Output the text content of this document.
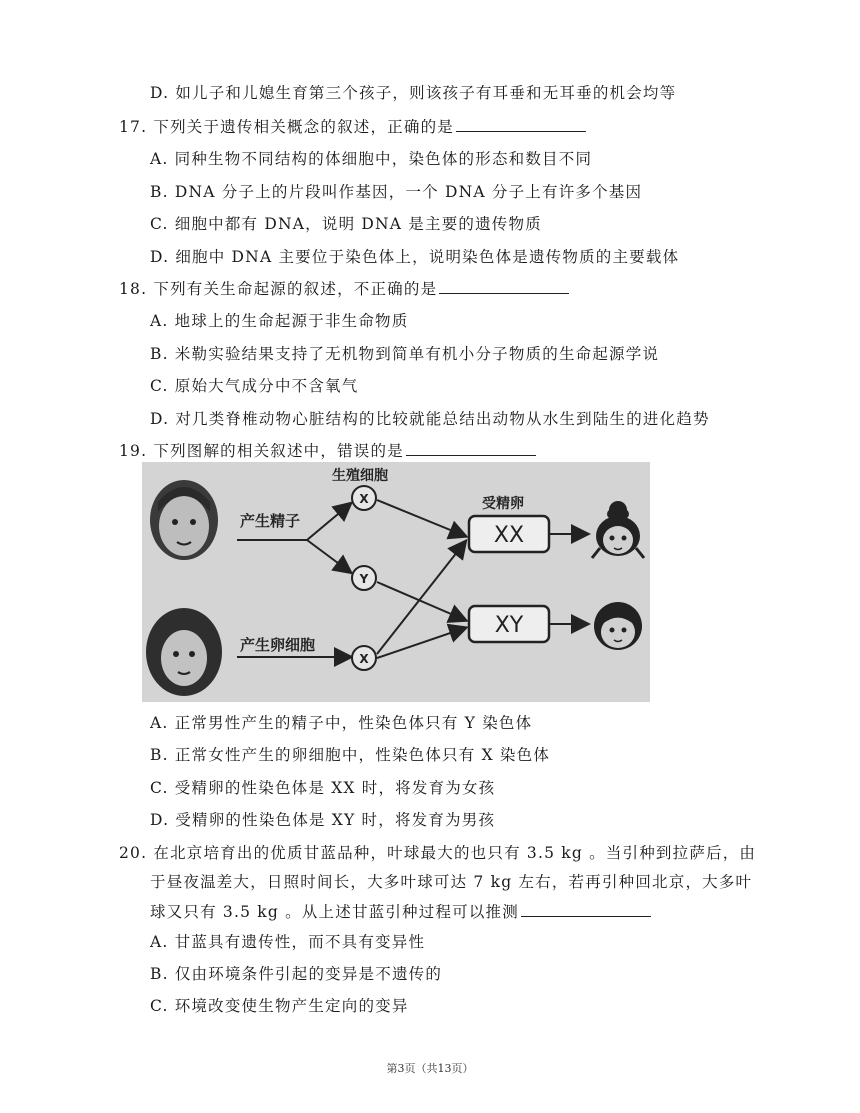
D. 如儿子和儿媳生育第三个孩子，则该孩子有耳垂和无耳垂的机会均等
17. 下列关于遗传相关概念的叙述，正确的是
A. 同种生物不同结构的体细胞中，染色体的形态和数目不同
B. DNA 分子上的片段叫作基因，一个 DNA 分子上有许多个基因
C. 细胞中都有 DNA，说明 DNA 是主要的遗传物质
D. 细胞中 DNA 主要位于染色体上，说明染色体是遗传物质的主要载体
18. 下列有关生命起源的叙述，不正确的是
A. 地球上的生命起源于非生命物质
B. 米勒实验结果支持了无机物到简单有机小分子物质的生命起源学说
C. 原始大气成分中不含氧气
D. 对几类脊椎动物心脏结构的比较就能总结出动物从水生到陆生的进化趋势
19. 下列图解的相关叙述中，错误的是
生殖细胞
产生精子
产生卵细胞
受精卵
X
Y
X
XX
XY
A. 正常男性产生的精子中，性染色体只有 Y 染色体
B. 正常女性产生的卵细胞中，性染色体只有 X 染色体
C. 受精卵的性染色体是 XX 时，将发育为女孩
D. 受精卵的性染色体是 XY 时，将发育为男孩
20. 在北京培育出的优质甘蓝品种，叶球最大的也只有 3.5 kg 。当引种到拉萨后，由
于昼夜温差大，日照时间长，大多叶球可达 7 kg 左右，若再引种回北京，大多叶
球又只有 3.5 kg 。从上述甘蓝引种过程可以推测
A. 甘蓝具有遗传性，而不具有变异性
B. 仅由环境条件引起的变异是不遗传的
C. 环境改变使生物产生定向的变异
第3页（共13页）
